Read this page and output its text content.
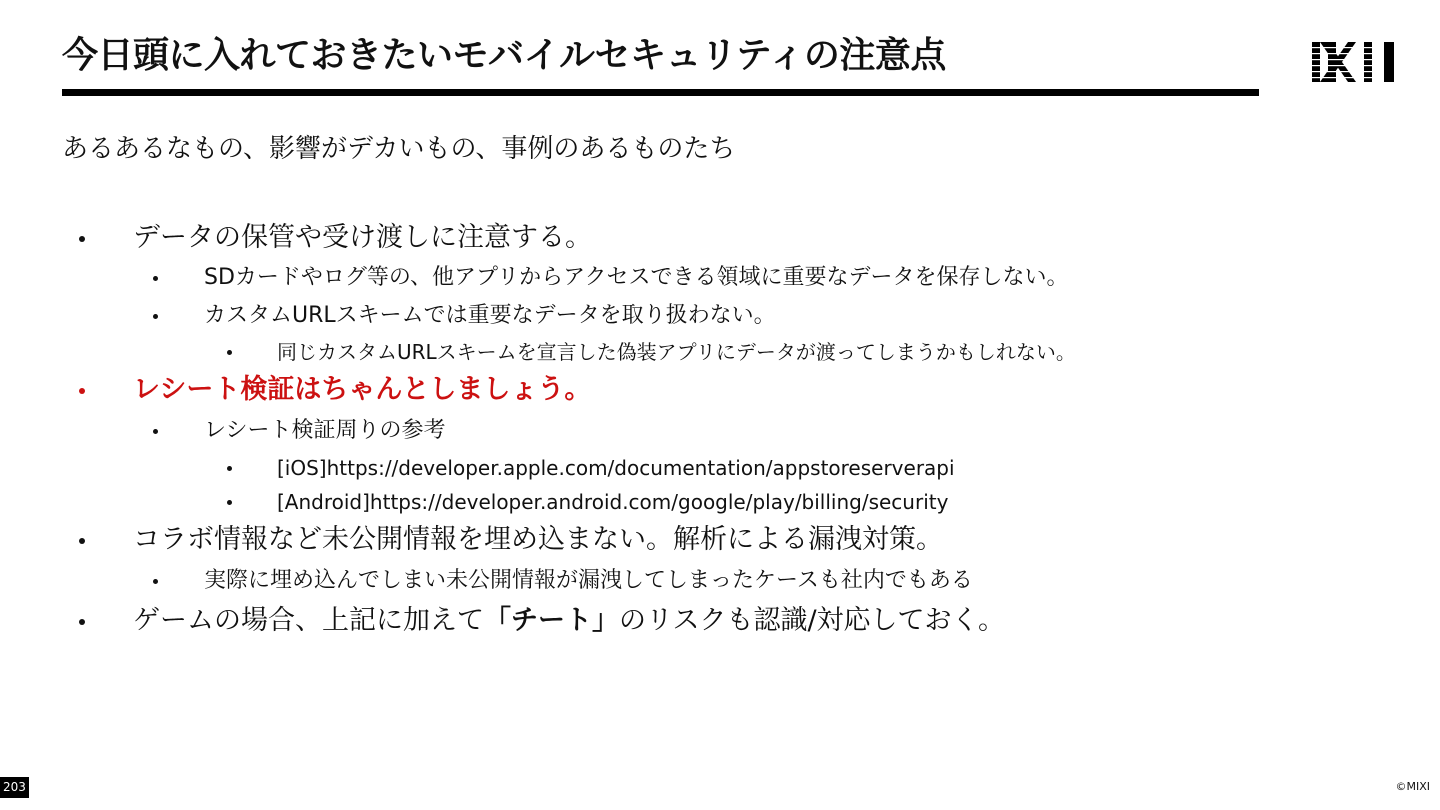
今日頭に入れておきたいモバイルセキュリティの注意点

あるあるなもの、影響がデカいもの、事例のあるものたち

データの保管や受け渡しに注意する。
SDカードやログ等の、他アプリからアクセスできる領域に重要なデータを保存しない。
カスタムURLスキームでは重要なデータを取り扱わない。
同じカスタムURLスキームを宣言した偽装アプリにデータが渡ってしまうかもしれない。
レシート検証はちゃんとしましょう。
レシート検証周りの参考
[iOS]https://developer.apple.com/documentation/appstoreserverapi
[Android]https://developer.android.com/google/play/billing/security
コラボ情報など未公開情報を埋め込まない。解析による漏洩対策。
実際に埋め込んでしまい未公開情報が漏洩してしまったケースも社内でもある
ゲームの場合、上記に加えて「チート」のリスクも認識/対応しておく。
203	©MIXI
